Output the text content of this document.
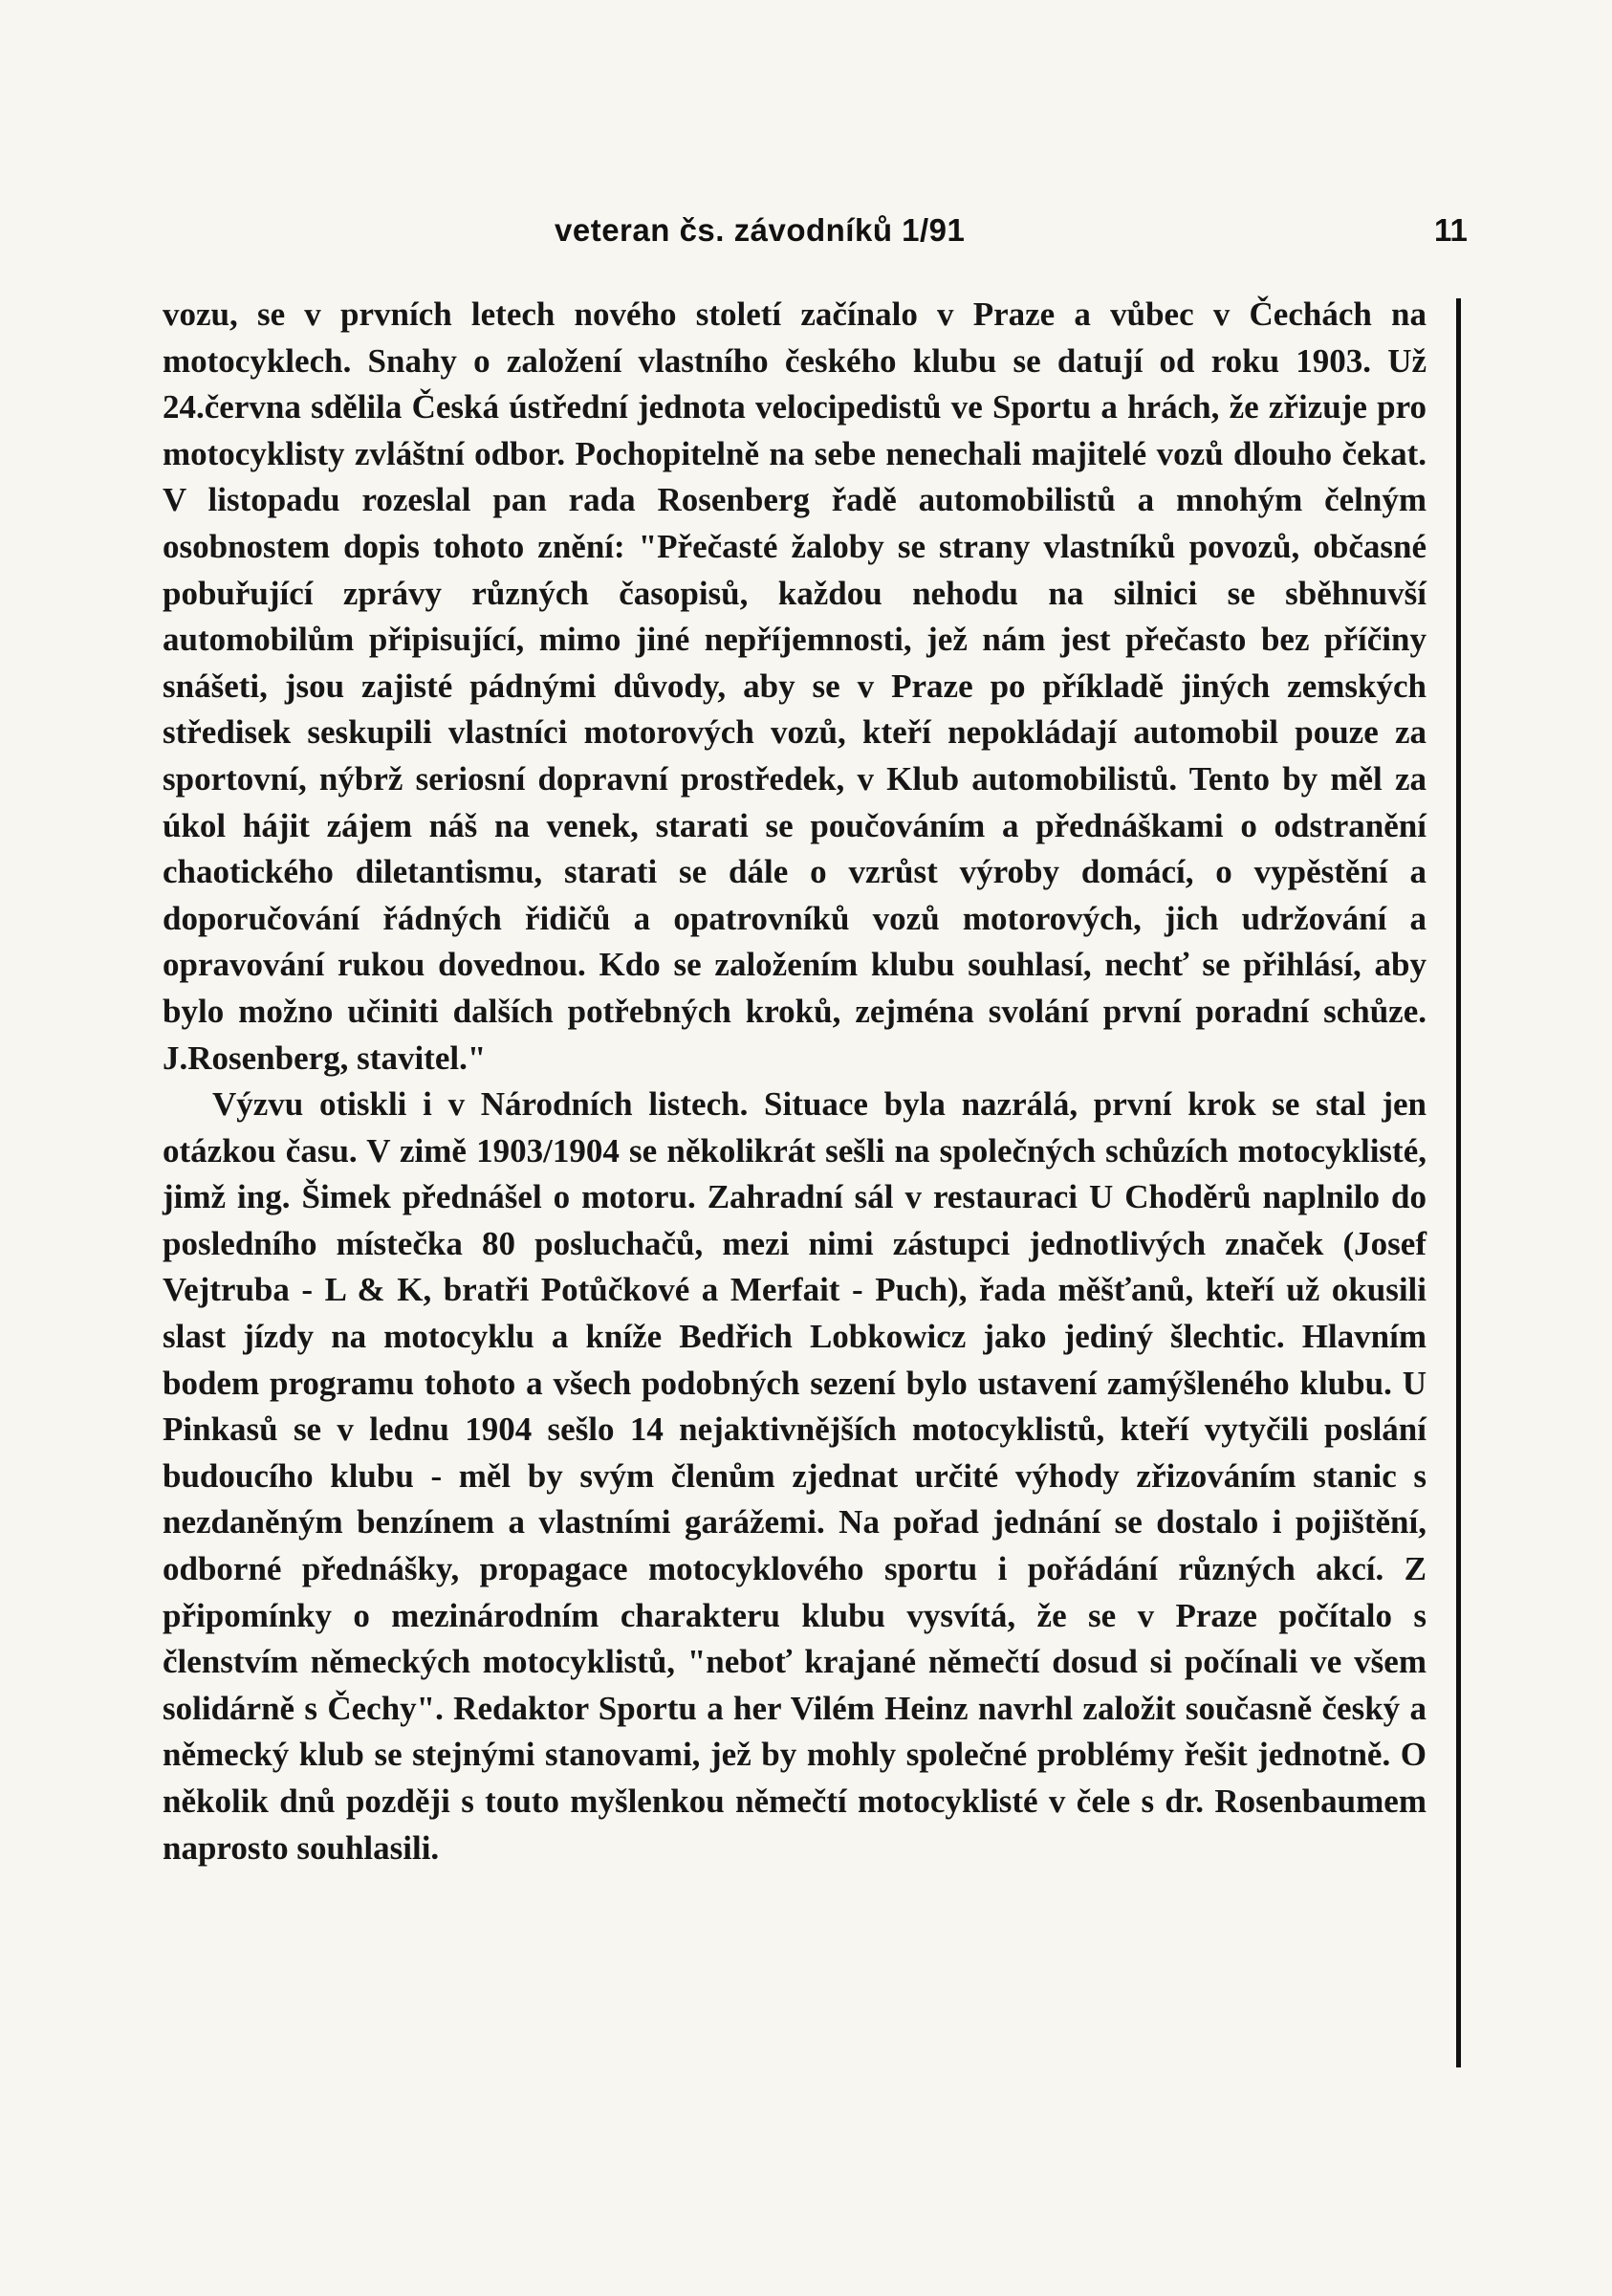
veteran čs. závodníků 1/91	11

vozu, se v prvních letech nového století začínalo v Praze a vůbec v Čechách na motocyklech. Snahy o založení vlastního českého klubu se datují od roku 1903. Už 24.června sdělila Česká ústřední jednota velocipedistů ve Sportu a hrách, že zřizuje pro motocyklisty zvláštní odbor. Pochopitelně na sebe nenechali majitelé vozů dlouho čekat. V listopadu rozeslal pan rada Rosenberg řadě automobilistů a mnohým čelným osobnostem dopis tohoto znění: "Přečasté žaloby se strany vlastníků povozů, občasné pobuřující zprávy různých časopisů, každou nehodu na silnici se sběhnuvší automobilům připisující, mimo jiné nepříjemnosti, jež nám jest přečasto bez příčiny snášeti, jsou zajisté pádnými důvody, aby se v Praze po příkladě jiných zemských středisek seskupili vlastníci motorových vozů, kteří nepokládají automobil pouze za sportovní, nýbrž seriosní dopravní prostředek, v Klub automobilistů. Tento by měl za úkol hájit zájem náš na venek, starati se poučováním a přednáškami o odstranění chaotického diletantismu, starati se dále o vzrůst výroby domácí, o vypěstění a doporučování řádných řidičů a opatrovníků vozů motorových, jich udržování a opravování rukou dovednou. Kdo se založením klubu souhlasí, nechť se přihlásí, aby bylo možno učiniti dalších potřebných kroků, zejména svolání první poradní schůze. J.Rosenberg, stavitel."

Výzvu otiskli i v Národních listech. Situace byla nazrálá, první krok se stal jen otázkou času. V zimě 1903/1904 se několikrát sešli na společných schůzích motocyklisté, jimž ing. Šimek přednášel o motoru. Zahradní sál v restauraci U Choděrů naplnilo do posledního místečka 80 posluchačů, mezi nimi zástupci jednotlivých značek (Josef Vejtruba - L & K, bratři Potůčkové a Merfait - Puch), řada měšťanů, kteří už okusili slast jízdy na motocyklu a kníže Bedřich Lobkowicz jako jediný šlechtic. Hlavním bodem programu tohoto a všech podobných sezení bylo ustavení zamýšleného klubu. U Pinkasů se v lednu 1904 sešlo 14 nejaktivnějších motocyklistů, kteří vytyčili poslání budoucího klubu - měl by svým členům zjednat určité výhody zřizováním stanic s nezdaněným benzínem a vlastními garážemi. Na pořad jednání se dostalo i pojištění, odborné přednášky, propagace motocyklového sportu i pořádání různých akcí. Z připomínky o mezinárodním charakteru klubu vysvítá, že se v Praze počítalo s členstvím německých motocyklistů, "neboť krajané němečtí dosud si počínali ve všem solidárně s Čechy". Redaktor Sportu a her Vilém Heinz navrhl založit současně český a německý klub se stejnými stanovami, jež by mohly společné problémy řešit jednotně. O několik dnů později s touto myšlenkou němečtí motocyklisté v čele s dr. Rosenbaumem naprosto souhlasili.
